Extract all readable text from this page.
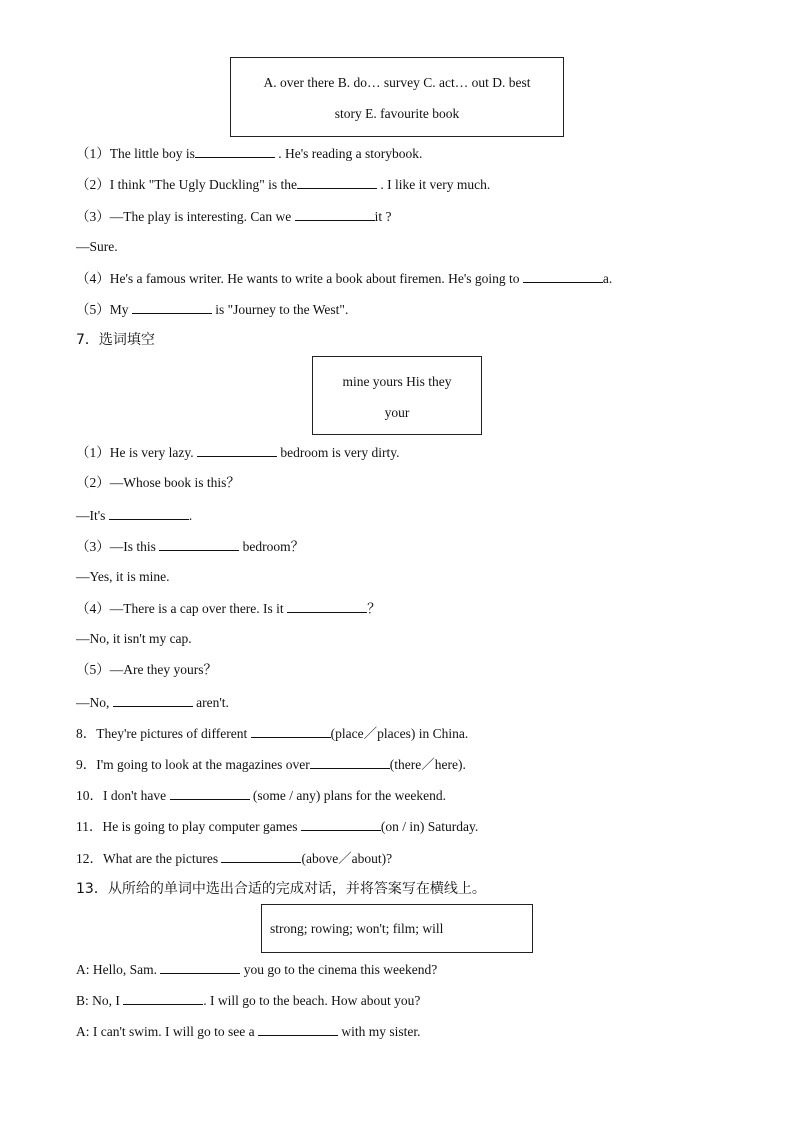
A. over there B. do… survey C. act… out D. best
story E. favourite book
（1）The little boy is	. He's reading a storybook.
（2）I think "The Ugly Duckling" is the	. I like it very much.
（3）—The play is interesting. Can we	it ?
—Sure.
（4）He's a famous writer. He wants to write a book about firemen. He's going to	a.
（5）My	is "Journey to the West".
7．选词填空
mine yours His they
your
（1）He is very lazy.	bedroom is very dirty.
（2）—Whose book is this？
—It's	.
（3）—Is this	bedroom？
—Yes, it is mine.
（4）—There is a cap over there. Is it	？
—No, it isn't my cap.
（5）—Are they yours？
—No,	aren't.
8．They're pictures of different	(place／places) in China.
9．I'm going to look at the magazines over	(there／here).
10．I don't have	(some / any) plans for the weekend.
11．He is going to play computer games	(on / in) Saturday.
12．What are the pictures	(above／about)?
13．从所给的单词中选出合适的完成对话，并将答案写在横线上。
strong; rowing; won't; film; will
A: Hello, Sam.	you go to the cinema this weekend?
B: No, I	. I will go to the beach. How about you?
A: I can't swim. I will go to see a	with my sister.
